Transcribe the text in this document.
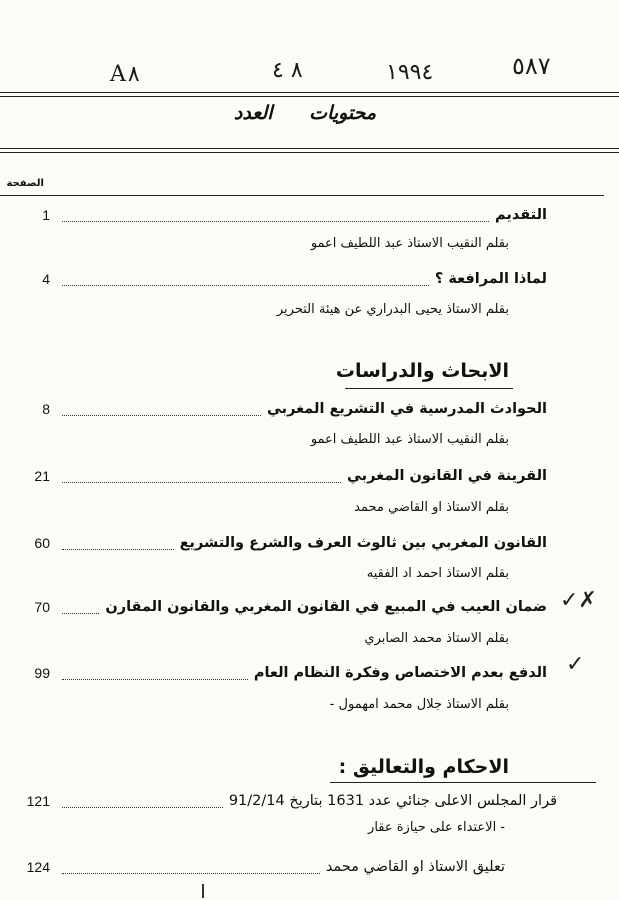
A٨	٨ ٤	١٩٩٤	٥٨٧
محتويات العدد
الصفحة
1	التقديم
بقلم النقيب الاستاذ عبد اللطيف اعمو
4	لماذا المرافعة ؟
بقلم الاستاذ يحيى البدراري عن هيئة التحرير
الابحاث والدراسات
8	الحوادث المدرسية في التشريع المغربي
بقلم النقيب الاستاذ عبد اللطيف اعمو
21	القرينة في القانون المغربي
بقلم الاستاذ او القاضي محمد
60	القانون المغربي بين ثالوث العرف والشرع والتشريع
بقلم الاستاذ احمد اد الفقيه
70	ضمان العيب في المبيع في القانون المغربي والقانون المقارن ✓✗
بقلم الاستاذ محمد الصابري
99	الدفع بعدم الاختصاص وفكرة النظام العام ✓
بقلم الاستاذ جلال محمد امهمول -
الاحكام والتعاليق :
121	قرار المجلس الاعلى جنائي عدد 1631 بتاريخ 91/2/14
- الاعتداء على حيازة عقار
124	تعليق الاستاذ او القاضي محمد
